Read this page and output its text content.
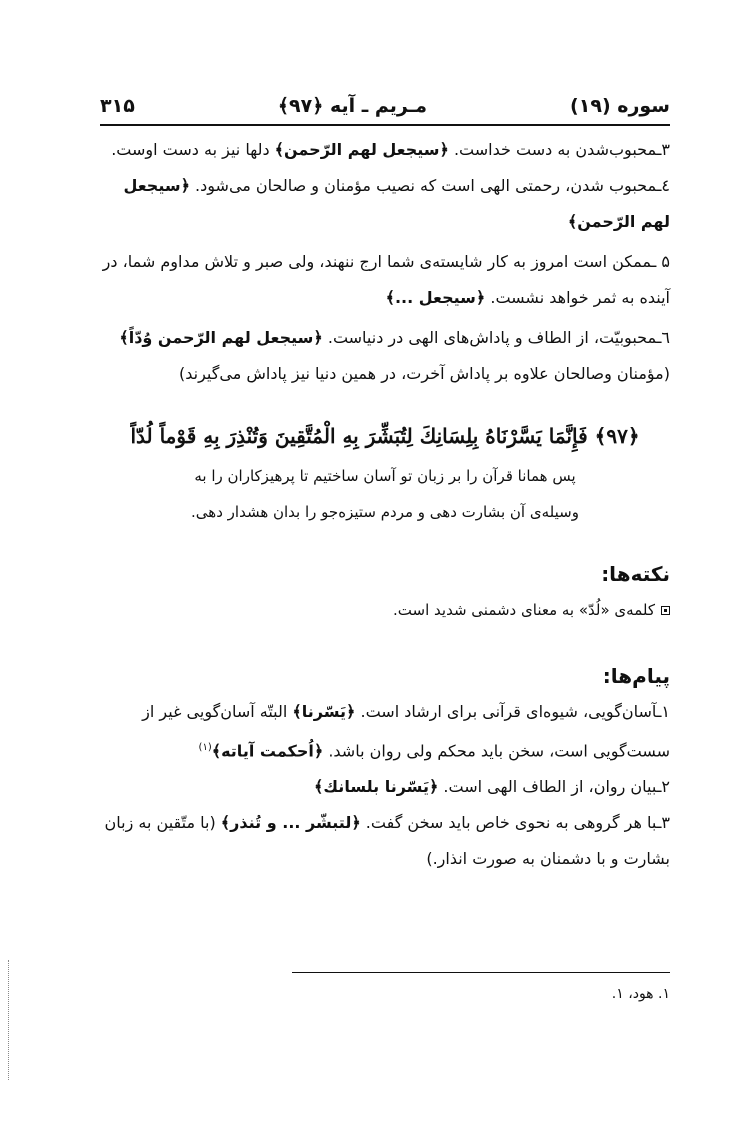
سوره (۱۹)
مـریم ـ آیه ﴿۹۷﴾
۳۱۵

۳ـمحبوب‌شدن به دست خداست. ﴿سیجعل لهم الرّحمن﴾ دلها نیز به دست اوست.

٤ـمحبوب شدن، رحمتی الهی است که نصیب مؤمنان و صالحان می‌شود. ﴿سیجعل لهم الرّحمن﴾

۵ ـممکن است امروز به کار شایسته‌ی شما ارج ننهند، ولی صبر و تلاش مداوم شما، در آینده به ثمر خواهد نشست. ﴿سیجعل ...﴾

٦ـمحبوبیّت، از الطاف و پاداش‌های الهی در دنیاست. ﴿سیجعل لهم الرّحمن وُدّاً﴾ (مؤمنان وصالحان علاوه بر پاداش آخرت، در همین دنیا نیز پاداش می‌گیرند)

﴿۹۷﴾ فَإِنَّمَا يَسَّرْنَاهُ بِلِسَانِكَ لِتُبَشِّرَ بِهِ الْمُتَّقِينَ وَتُنْذِرَ بِهِ قَوْماً لُدّاً
پس همانا قرآن را بر زبان تو آسان ساختیم تا پرهیزکاران را به وسیله‌ی آن بشارت دهی و مردم ستیزه‌جو را بدان هشدار دهی.

نکته‌ها:

کلمه‌ی «لُدّ» به معنای دشمنی شدید است.

پیام‌ها:

۱ـآسان‌گویی، شیوه‌ای قرآنی برای ارشاد است. ﴿یَسّرنا﴾ البتّه آسان‌گویی غیر از سست‌گویی است، سخن باید محکم ولی روان باشد. ﴿اُحکمت آیاته﴾$^{(۱)}$

۲ـبیان روان، از الطاف الهی است. ﴿یَسّرنا بلسانك﴾

۳ـبا هر گروهی به نحوی خاص باید سخن گفت. ﴿لتبشّر ... و تُنذر﴾ (با متّقین به زبان بشارت و با دشمنان به صورت انذار.)

۱. هود، ۱.
